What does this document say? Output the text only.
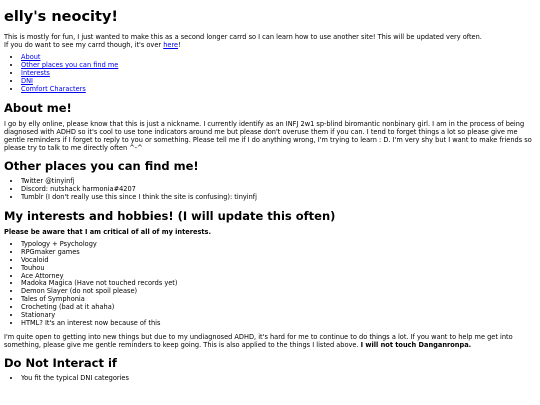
elly's neocity!

This is mostly for fun, I just wanted to make this as a second longer carrd so I can learn how to use another site! This will be updated very often.
If you do want to see my carrd though, it's over here!

• About
• Other places you can find me
• Interests
• DNI
• Comfort Characters
About me!

I go by elly online, please know that this is just a nickname. I currently identify as an INFJ 2w1 sp-blind biromantic nonbinary girl. I am in the process of being diagnosed with ADHD so it's cool to use tone indicators around me but please don't overuse them if you can. I tend to forget things a lot so please give me gentle reminders if I forget to reply to you or something. Please tell me if I do anything wrong, I'm trying to learn : D. I'm very shy but I want to make friends so please try to talk to me directly often ^-^

Other places you can find me!
• Twitter @tinyinfj
• Discord: nutshack harmonia#4207
• Tumblr (I don't really use this since I think the site is confusing): tinyinfj
My interests and hobbies! (I will update this often)

Please be aware that I am critical of all of my interests.

• Typology + Psychology
• RPGmaker games
• Vocaloid
• Touhou
• Ace Attorney
• Madoka Magica (Have not touched records yet)
• Demon Slayer (do not spoil please)
• Tales of Symphonia
• Crocheting (bad at it ahaha)
• Stationary
• HTML? It's an interest now because of this

I'm quite open to getting into new things but due to my undiagnosed ADHD, it's hard for me to continue to do things a lot. If you want to help me get into something, please give me gentle reminders to keep going. This is also applied to the things I listed above. I will not touch Danganronpa.

Do Not Interact if
• You fit the typical DNI categories
